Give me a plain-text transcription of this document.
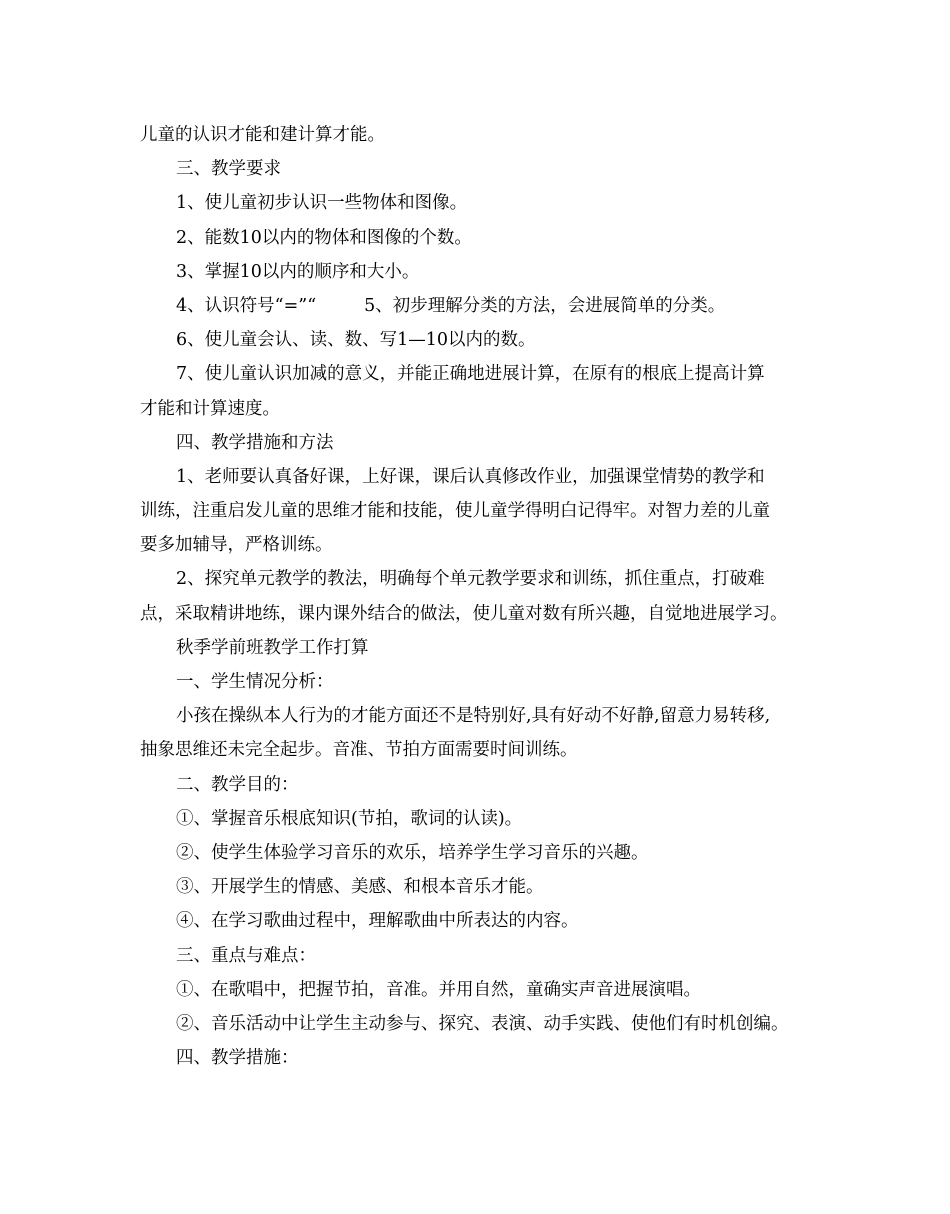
儿童的认识才能和建计算才能。
三、教学要求
1、使儿童初步认识一些物体和图像。
2、能数10以内的物体和图像的个数。
3、掌握10以内的顺序和大小。
4、认识符号“=”“	5、初步理解分类的方法，会进展简单的分类。
6、使儿童会认、读、数、写1—10以内的数。
7、使儿童认识加减的意义，并能正确地进展计算，在原有的根底上提高计算
才能和计算速度。
四、教学措施和方法
1、老师要认真备好课，上好课，课后认真修改作业，加强课堂情势的教学和
训练，注重启发儿童的思维才能和技能，使儿童学得明白记得牢。对智力差的儿童
要多加辅导，严格训练。
2、探究单元教学的教法，明确每个单元教学要求和训练，抓住重点，打破难
点，采取精讲地练，课内课外结合的做法，使儿童对数有所兴趣，自觉地进展学习。
秋季学前班教学工作打算
一、学生情况分析：
小孩在操纵本人行为的才能方面还不是特别好,具有好动不好静,留意力易转移,
抽象思维还未完全起步。音准、节拍方面需要时间训练。
二、教学目的：
①、掌握音乐根底知识(节拍，歌词的认读)。
②、使学生体验学习音乐的欢乐，培养学生学习音乐的兴趣。
③、开展学生的情感、美感、和根本音乐才能。
④、在学习歌曲过程中，理解歌曲中所表达的内容。
三、重点与难点：
①、在歌唱中，把握节拍，音准。并用自然，童确实声音进展演唱。
②、音乐活动中让学生主动参与、探究、表演、动手实践、使他们有时机创编。
四、教学措施：
